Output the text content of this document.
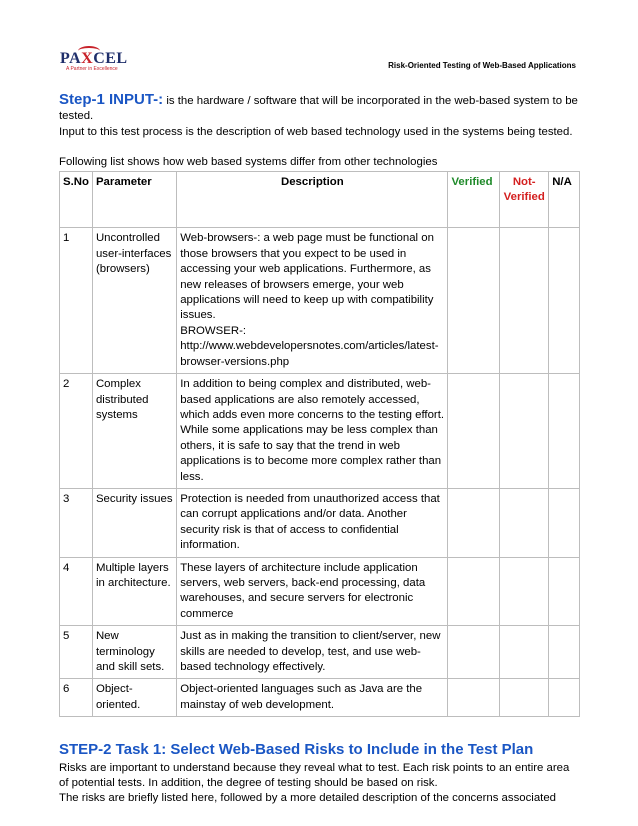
PAXCEL
A Partner in Excellence	Risk-Oriented Testing of Web-Based Applications

Step-1 INPUT-: is the hardware / software that will be incorporated in the web-based system to be tested.

Input to this test process is the description of web based technology used in the systems being tested.

Following list shows how web based systems differ from other technologies

S.No	Parameter	Description	Verified	Not-Verified	N/A
1	Uncontrolled user-interfaces (browsers)	Web-browsers-: a web page must be functional on those browsers that you expect to be used in accessing your web applications. Furthermore, as new releases of browsers emerge, your web applications will need to keep up with compatibility issues.
BROWSER-:
http://www.webdevelopersnotes.com/articles/latest-browser-versions.php			

2	Complex distributed systems	In addition to being complex and distributed, web-based applications are also remotely accessed, which adds even more concerns to the testing effort. While some applications may be less complex than others, it is safe to say that the trend in web applications is to become more complex rather than less.			
3	Security issues	Protection is needed from unauthorized access that can corrupt applications and/or data. Another security risk is that of access to confidential information.			
4	Multiple layers in architecture.	These layers of architecture include application servers, web servers, back-end processing, data warehouses, and secure servers for electronic commerce			
5	New terminology and skill sets.	Just as in making the transition to client/server, new skills are needed to develop, test, and use web-based technology effectively.			
6	Object-oriented.	Object-oriented languages such as Java are the mainstay of web development.			
STEP-2 Task 1: Select Web-Based Risks to Include in the Test Plan

Risks are important to understand because they reveal what to test. Each risk points to an entire area of potential tests. In addition, the degree of testing should be based on risk.

The risks are briefly listed here, followed by a more detailed description of the concerns associated
